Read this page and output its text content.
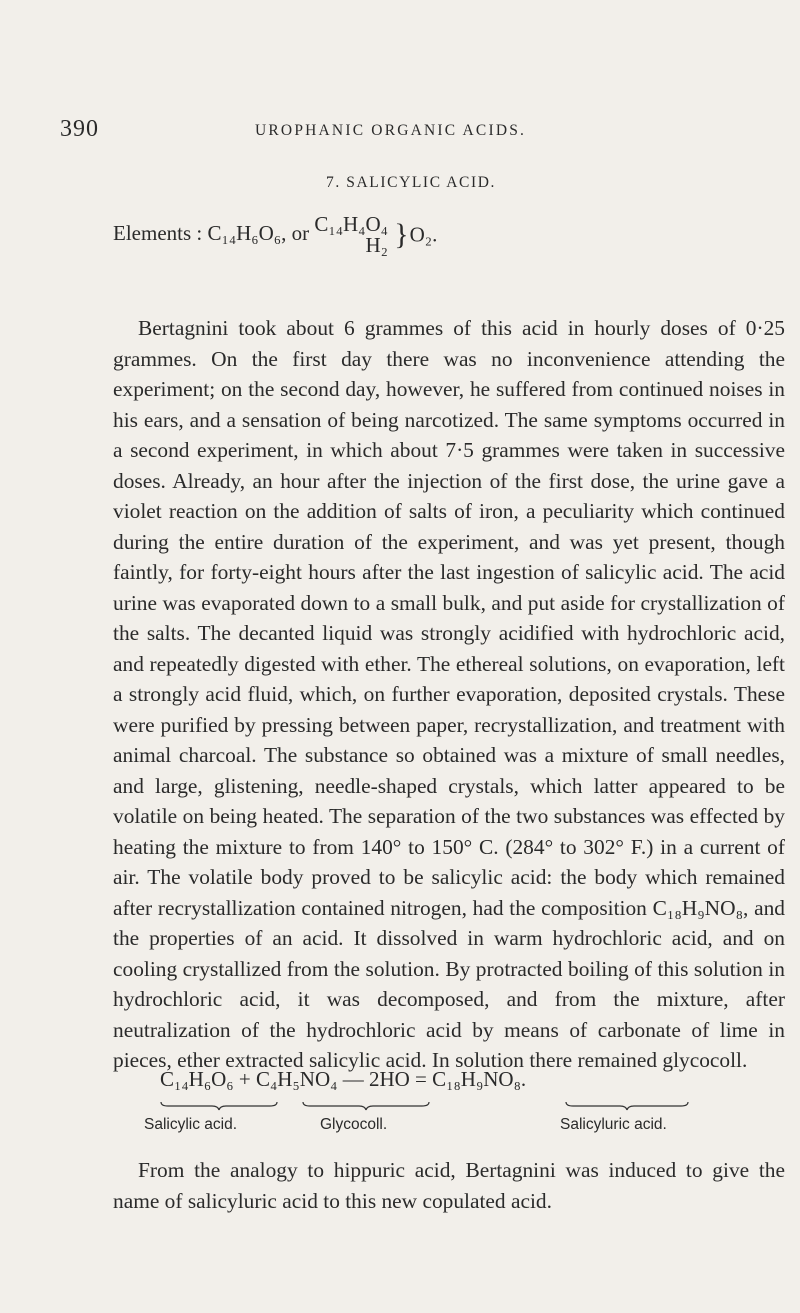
390	UROPHANIC ORGANIC ACIDS.
7. SALICYLIC ACID.
Elements : C₁₄H₆O₆, or C₁₄H₄O₄
H₂ }O₂.

Bertagnini took about 6 grammes of this acid in hourly doses of 0·25 grammes. On the first day there was no inconvenience attending the experiment; on the second day, however, he suffered from continued noises in his ears, and a sensation of being narcotized. The same symptoms occurred in a second experiment, in which about 7·5 grammes were taken in successive doses. Already, an hour after the injection of the first dose, the urine gave a violet reaction on the addition of salts of iron, a peculiarity which continued during the entire duration of the experiment, and was yet present, though faintly, for forty-eight hours after the last ingestion of salicylic acid. The acid urine was evaporated down to a small bulk, and put aside for crystallization of the salts. The decanted liquid was strongly acidified with hydrochloric acid, and repeatedly digested with ether. The ethereal solutions, on evaporation, left a strongly acid fluid, which, on further evaporation, deposited crystals. These were purified by pressing between paper, recrystallization, and treatment with animal charcoal. The substance so obtained was a mixture of small needles, and large, glistening, needle-shaped crystals, which latter appeared to be volatile on being heated. The separation of the two substances was effected by heating the mixture to from 140° to 150° C. (284° to 302° F.) in a current of air. The volatile body proved to be salicylic acid: the body which remained after recrystallization contained nitrogen, had the composition C₁₈H₉NO₈, and the properties of an acid. It dissolved in warm hydrochloric acid, and on cooling crystallized from the solution. By protracted boiling of this solution in hydrochloric acid, it was decomposed, and from the mixture, after neutralization of the hydrochloric acid by means of carbonate of lime in pieces, ether extracted salicylic acid. In solution there remained glycocoll.

C₁₄H₆O₆ + C₄H₅NO₄ — 2HO = C₁₈H₉NO₈.
Salicylic acid.	Glycocoll.	Salicyluric acid.

From the analogy to hippuric acid, Bertagnini was induced to give the name of salicyluric acid to this new copulated acid.
